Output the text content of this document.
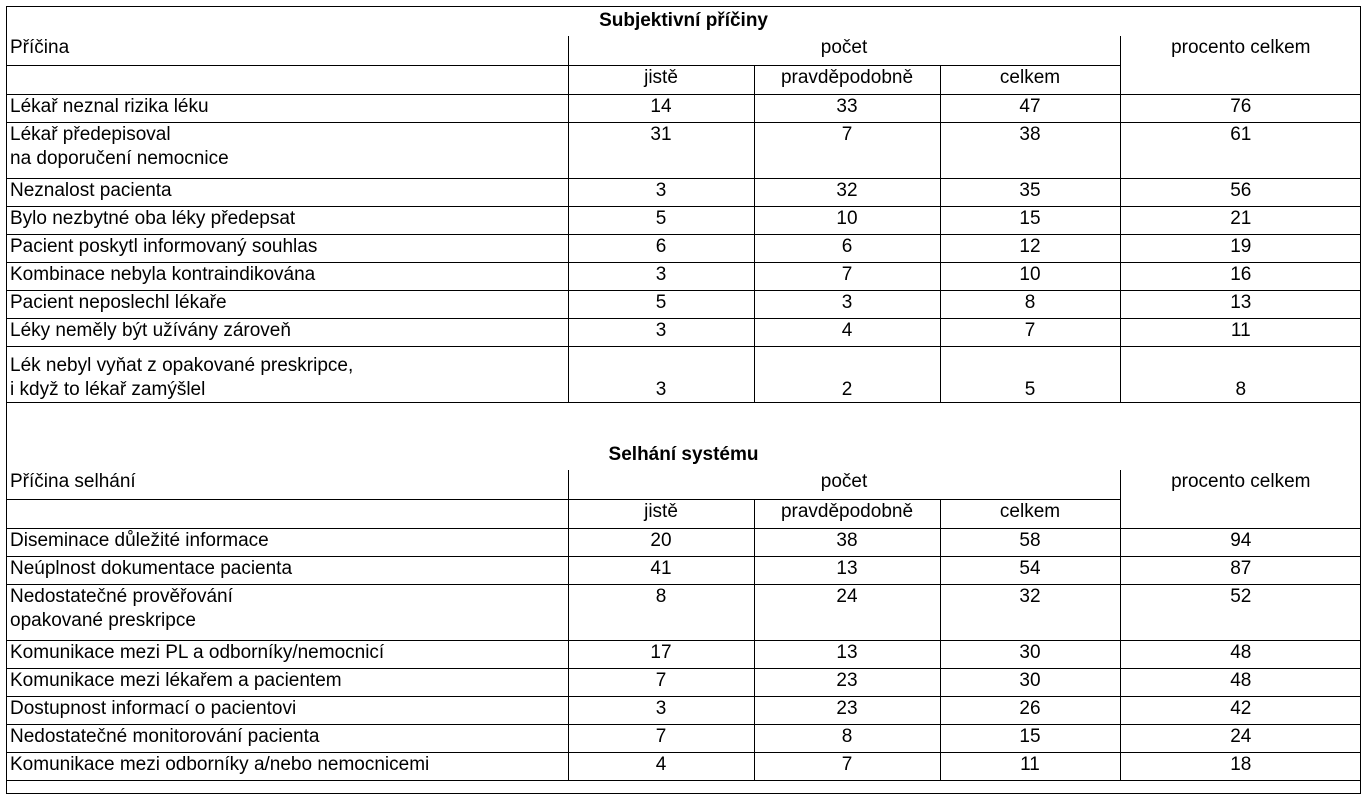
Subjektivní příčiny				
Příčina	počet			procento celkem
	jistě	pravděpodobně	celkem	

Lékař neznal rizika léku	14	33	47	76

Lékař předepisoval
na doporučení nemocnice	31	7	38	61

Neznalost pacienta	3	32	35	56

Bylo nezbytné oba léky předepsat	5	10	15	21

Pacient poskytl informovaný souhlas	6	6	12	19

Kombinace nebyla kontraindikována	3	7	10	16

Pacient neposlechl lékaře	5	3	8	13

Léky neměly být užívány zároveň	3	4	7	11

Lék nebyl vyňat z opakované preskripce,
i když to lékař zamýšlel	3	2	5	8
Selhání systému				
Příčina selhání	počet			procento celkem
	jistě	pravděpodobně	celkem	

Diseminace důležité informace	20	38	58	94

Neúplnost dokumentace pacienta	41	13	54	87

Nedostatečné prověřování
opakované preskripce	8	24	32	52

Komunikace mezi PL a odborníky/nemocnicí	17	13	30	48

Komunikace mezi lékařem a pacientem	7	23	30	48

Dostupnost informací o pacientovi	3	23	26	42

Nedostatečné monitorování pacienta	7	8	15	24

Komunikace mezi odborníky a/nebo nemocnicemi	4	7	11	18
